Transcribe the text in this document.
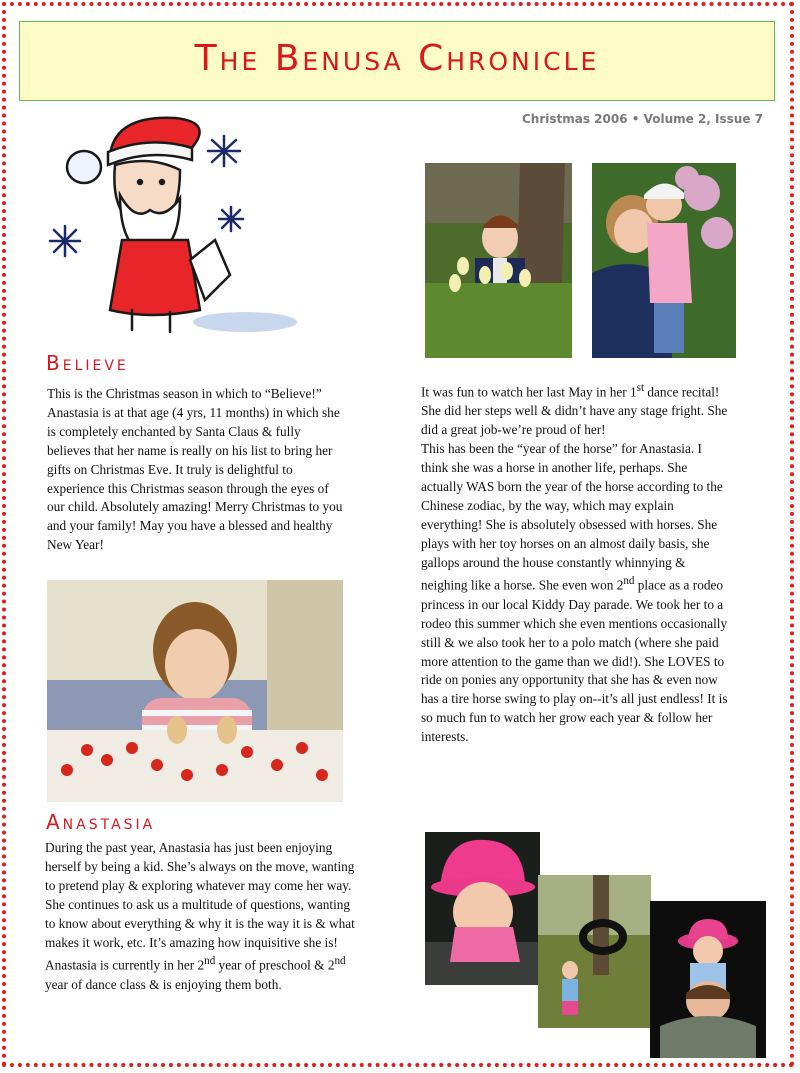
The Benusa Chronicle
Christmas 2006 • Volume 2, Issue 7
Believe

This is the Christmas season in which to “Believe!” Anastasia is at that age (4 yrs, 11 months) in which she is completely enchanted by Santa Claus & fully believes that her name is really on his list to bring her gifts on Christmas Eve. It truly is delightful to experience this Christmas season through the eyes of our child. Absolutely amazing! Merry Christmas to you and your family! May you have a blessed and healthy New Year!

Anastasia

During the past year, Anastasia has just been enjoying herself by being a kid. She’s always on the move, wanting to pretend play & exploring whatever may come her way. She continues to ask us a multitude of questions, wanting to know about everything & why it is the way it is & what makes it work, etc. It’s amazing how inquisitive she is!

Anastasia is currently in her 2nd year of preschool & 2nd year of dance class & is enjoying them both.

It was fun to watch her last May in her 1st dance recital! She did her steps well & didn’t have any stage fright. She did a great job-we’re proud of her!

This has been the “year of the horse” for Anastasia. I think she was a horse in another life, perhaps. She actually WAS born the year of the horse according to the Chinese zodiac, by the way, which may explain everything! She is absolutely obsessed with horses. She plays with her toy horses on an almost daily basis, she gallops around the house constantly whinnying & neighing like a horse. She even won 2nd place as a rodeo princess in our local Kiddy Day parade. We took her to a rodeo this summer which she even mentions occasionally still & we also took her to a polo match (where she paid more attention to the game than we did!). She LOVES to ride on ponies any opportunity that she has & even now has a tire horse swing to play on--it’s all just endless! It is so much fun to watch her grow each year & follow her interests.
